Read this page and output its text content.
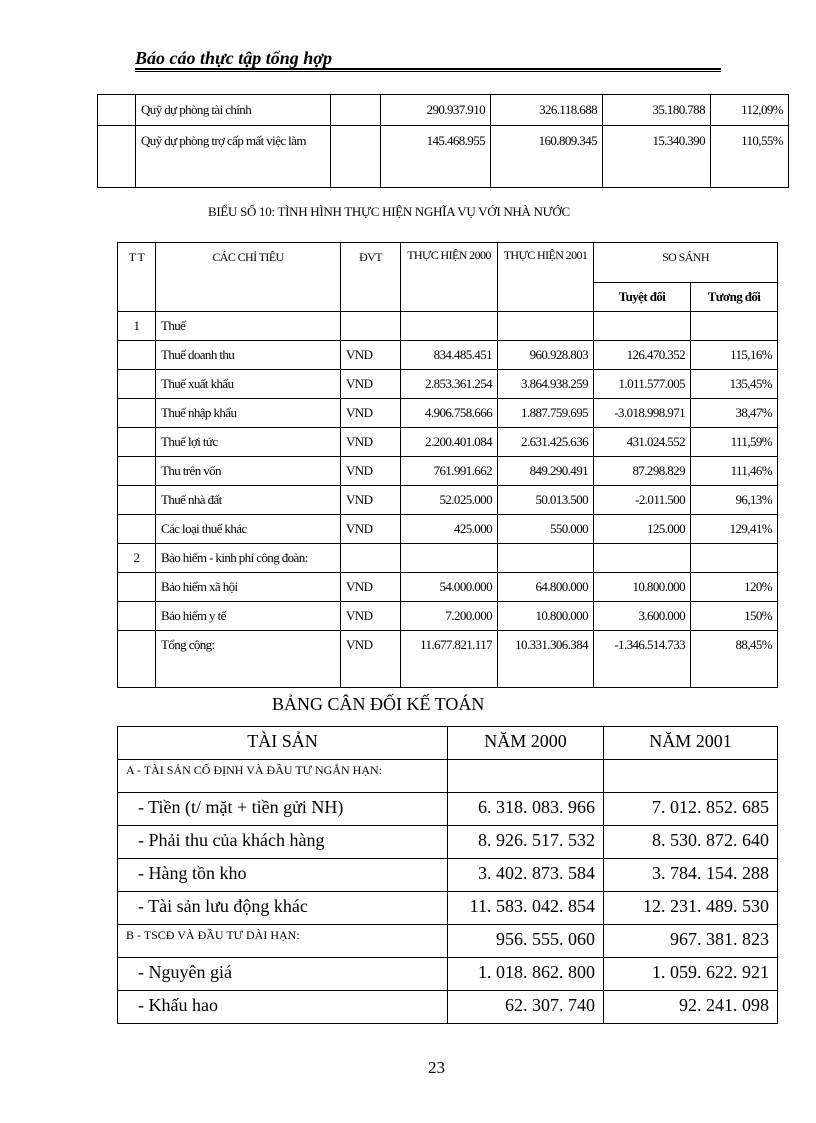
Báo cáo thực tập tổng hợp
	Quỹ dự phòng tài chính		290.937.910	326.118.688	35.180.788	112,09%
	Quỹ dự phòng trợ cấp mất việc làm		145.468.955	160.809.345	15.340.390	110,55%
BIỂU SỐ 10: TÌNH HÌNH THỰC HIỆN NGHĨA VỤ VỚI NHÀ NƯỚC
T T	CÁC CHỈ TIÊU	ĐVT	THỰC HIỆN 2000	THỰC HIỆN 2001	SO SÁNH	
					Tuyệt đối	Tương đối
1	Thuế					
	Thuế doanh thu	VND	834.485.451	960.928.803	126.470.352	115,16%
	Thuế xuất khẩu	VND	2.853.361.254	3.864.938.259	1.011.577.005	135,45%
	Thuế nhập khẩu	VND	4.906.758.666	1.887.759.695	-3.018.998.971	38,47%
	Thuế lợi tức	VND	2.200.401.084	2.631.425.636	431.024.552	111,59%
	Thu trên vốn	VND	761.991.662	849.290.491	87.298.829	111,46%
	Thuế nhà đất	VND	52.025.000	50.013.500	-2.011.500	96,13%
	Các loại thuế khác	VND	425.000	550.000	125.000	129,41%
2	Bảo hiểm - kinh phí công đoàn:					
	Bảo hiểm xã hội	VND	54.000.000	64.800.000	10.800.000	120%
	Bảo hiểm y tế	VND	7.200.000	10.800.000	3.600.000	150%
	Tổng cộng:	VND	11.677.821.117	10.331.306.384	-1.346.514.733	88,45%
BẢNG CÂN ĐỐI KẾ TOÁN
TÀI SẢN	NĂM 2000	NĂM 2001
A - TÀI SẢN CỐ ĐỊNH VÀ ĐẦU TƯ NGẮN HẠN:		
- Tiền (t/ mặt + tiền gửi NH)	6. 318. 083. 966	7. 012. 852. 685
- Phải thu của khách hàng	8. 926. 517. 532	8. 530. 872. 640
- Hàng tồn kho	3. 402. 873. 584	3. 784. 154. 288
- Tài sản lưu động khác	11. 583. 042. 854	12. 231. 489. 530
B - TSCĐ VÀ ĐẦU TƯ DÀI HẠN:	956. 555. 060	967. 381. 823
- Nguyên giá	1. 018. 862. 800	1. 059. 622. 921
- Khấu hao	62. 307. 740	92. 241. 098
23
